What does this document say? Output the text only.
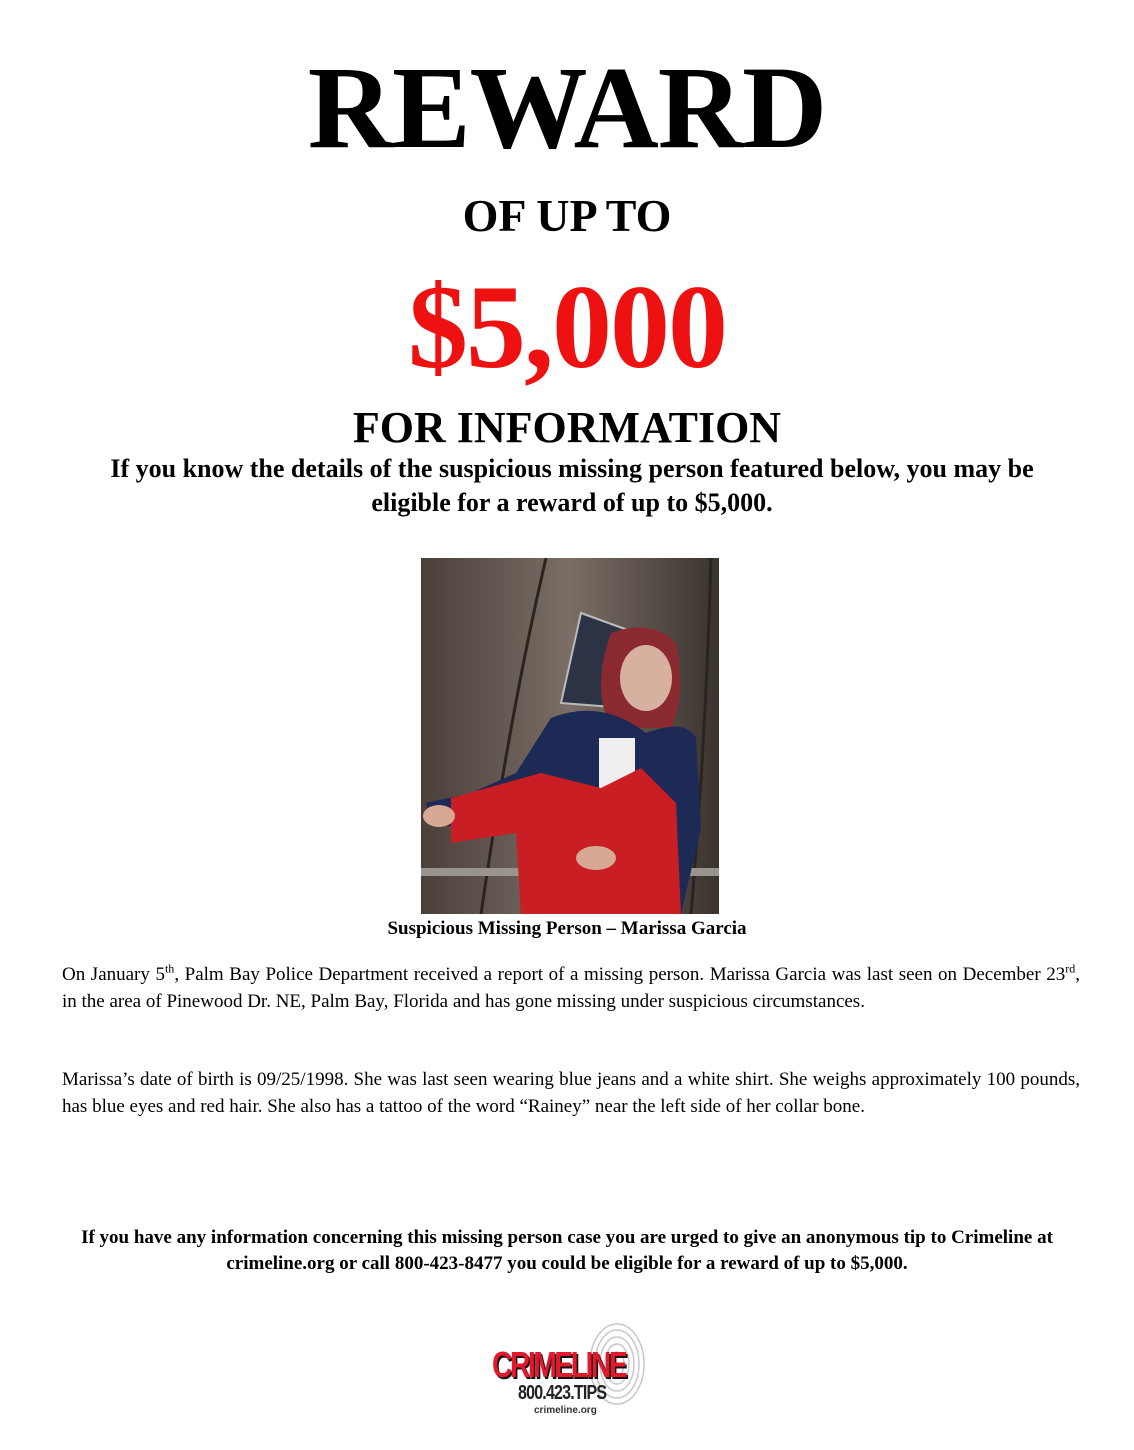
REWARD
OF UP TO
$5,000
FOR INFORMATION
If you know the details of the suspicious missing person featured below, you may be eligible for a reward of up to $5,000.
Suspicious Missing Person – Marissa Garcia
On January 5th, Palm Bay Police Department received a report of a missing person. Marissa Garcia was last seen on December 23rd, in the area of Pinewood Dr. NE, Palm Bay, Florida and has gone missing under suspicious circumstances.
Marissa’s date of birth is 09/25/1998. She was last seen wearing blue jeans and a white shirt. She weighs approximately 100 pounds, has blue eyes and red hair. She also has a tattoo of the word “Rainey” near the left side of her collar bone.
If you have any information concerning this missing person case you are urged to give an anonymous tip to Crimeline at crimeline.org or call 800-423-8477 you could be eligible for a reward of up to $5,000.
CRIMELINE
800.423.TIPS
crimeline.org
